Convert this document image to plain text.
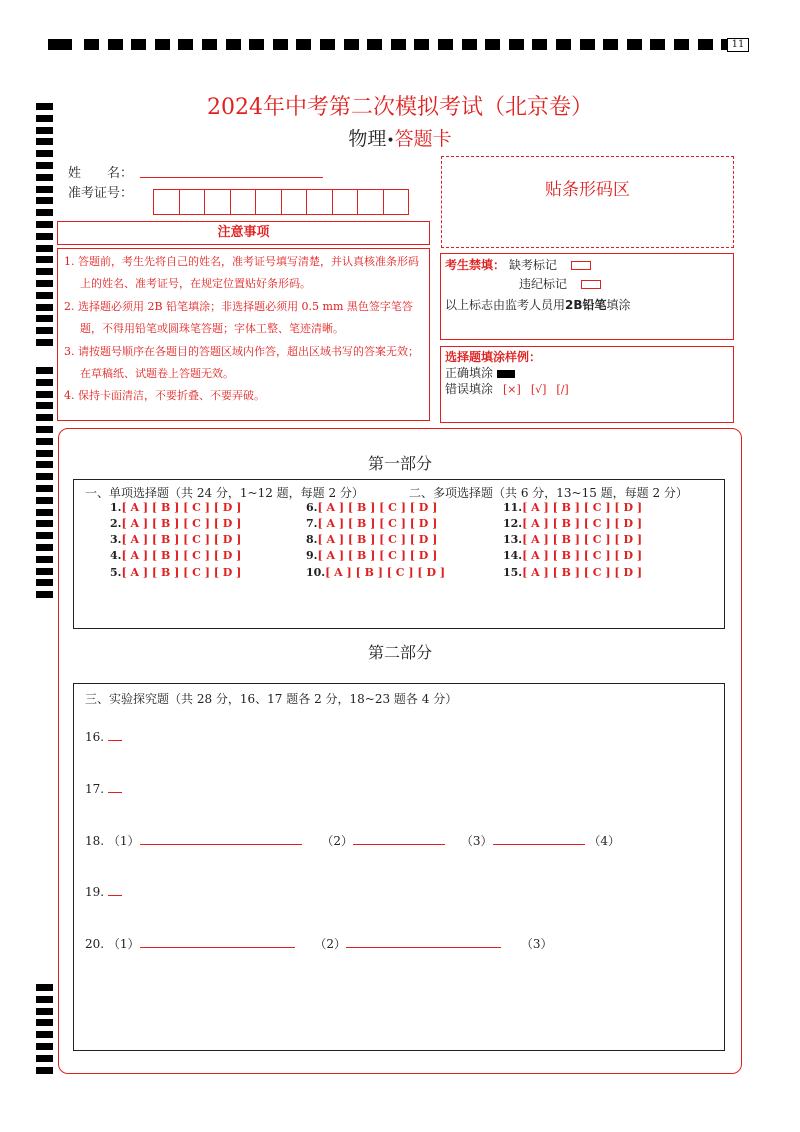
11
2024年中考第二次模拟考试（北京卷）
物理•答题卡
姓　　名：
准考证号：	贴条形码区
注意事项

1. 答题前，考生先将自己的姓名，准考证号填写清楚，并认真核准条形码上的姓名、准考证号，在规定位置贴好条形码。

2. 选择题必须用 2B 铅笔填涂；非选择题必须用 0.5 mm 黑色签字笔答题，不得用铅笔或圆珠笔答题；字体工整、笔迹清晰。

3. 请按题号顺序在各题目的答题区域内作答，超出区域书写的答案无效；在草稿纸、试题卷上答题无效。

4. 保持卡面清洁，不要折叠、不要弄破。

考生禁填： 缺考标记
违纪标记
以上标志由监考人员用2B铅笔填涂
选择题填涂样例：
正确填涂
错误填涂 [×] [√] [/]
第一部分
一、单项选择题（共 24 分，1~12 题，每题 2 分）	二、多项选择题（共 6 分，13~15 题，每题 2 分）
1.[ A ] [ B ] [ C ] [ D ]
2.[ A ] [ B ] [ C ] [ D ]
3.[ A ] [ B ] [ C ] [ D ]
4.[ A ] [ B ] [ C ] [ D ]
5.[ A ] [ B ] [ C ] [ D ]
6.[ A ] [ B ] [ C ] [ D ]
7.[ A ] [ B ] [ C ] [ D ]
8.[ A ] [ B ] [ C ] [ D ]
9.[ A ] [ B ] [ C ] [ D ]
10.[ A ] [ B ] [ C ] [ D ]
11.[ A ] [ B ] [ C ] [ D ]
12.[ A ] [ B ] [ C ] [ D ]
13.[ A ] [ B ] [ C ] [ D ]
14.[ A ] [ B ] [ C ] [ D ]
15.[ A ] [ B ] [ C ] [ D ]
第二部分
三、实验探究题（共 28 分，16、17 题各 2 分，18~23 题各 4 分）
16.
17.
18. （1）	（2）	（3）	（4）
19.
20. （1）	（2）	（3）
